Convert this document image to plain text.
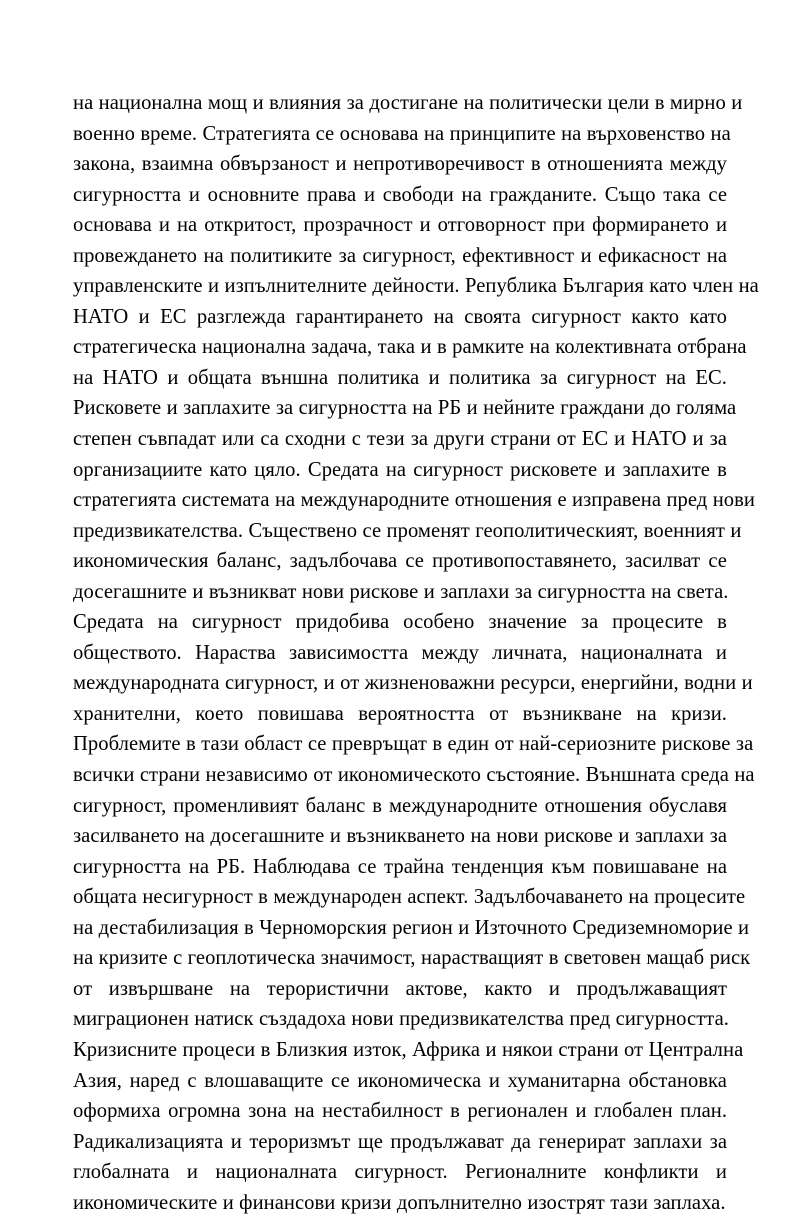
на национална мощ и влияния за достигане на политически цели в мирно и
военно време. Стратегията се основава на принципите на върховенство на
закона, взаимна обвързаност и непротиворечивост в отношенията между
сигурността и основните права и свободи на гражданите. Също така се
основава и на откритост, прозрачност и отговорност при формирането и
провеждането на политиките за сигурност, ефективност и ефикасност на
управленските и изпълнителните дейности. Република България като член на
НАТО и ЕС разглежда гарантирането на своята сигурност както като
стратегическа национална задача, така и в рамките на колективната отбрана
на НАТО и общата външна политика и политика за сигурност на ЕС.
Рисковете и заплахите за сигурността на РБ и нейните граждани до голяма
степен съвпадат или са сходни с тези за други страни от ЕС и НАТО и за
организациите като цяло. Средата на сигурност рисковете и заплахите в
стратегията системата на международните отношения е изправена пред нови
предизвикателства. Съществено се променят геополитическият, военният и
икономическия баланс, задълбочава се противопоставянето, засилват се
досегашните и възникват нови рискове и заплахи за сигурността на света.
Средата на сигурност придобива особено значение за процесите в
обществото. Нараства зависимостта между личната, националната и
международната сигурност, и от жизненоважни ресурси, енергийни, водни и
хранителни, което повишава вероятността от възникване на кризи.
Проблемите в тази област се превръщат в един от най-сериозните рискове за
всички страни независимо от икономическото състояние. Външната среда на
сигурност, променливият баланс в международните отношения обуславя
засилването на досегашните и възникването на нови рискове и заплахи за
сигурността на РБ. Наблюдава се трайна тенденция към повишаване на
общата несигурност в международен аспект. Задълбочаването на процесите
на дестабилизация в Черноморския регион и Източното Средиземноморие и
на кризите с геоплотическа значимост, нарастващият в световен мащаб риск
от извършване на терористични актове, както и продължаващият
миграционен натиск създадоха нови предизвикателства пред сигурността.
Кризисните процеси в Близкия изток, Африка и някои страни от Централна
Азия, наред с влошаващите се икономическа и хуманитарна обстановка
оформиха огромна зона на нестабилност в регионален и глобален план.
Радикализацията и тероризмът ще продължават да генерират заплахи за
глобалната и националната сигурност. Регионалните конфликти и
икономическите и финансови кризи допълнително изострят тази заплаха.
